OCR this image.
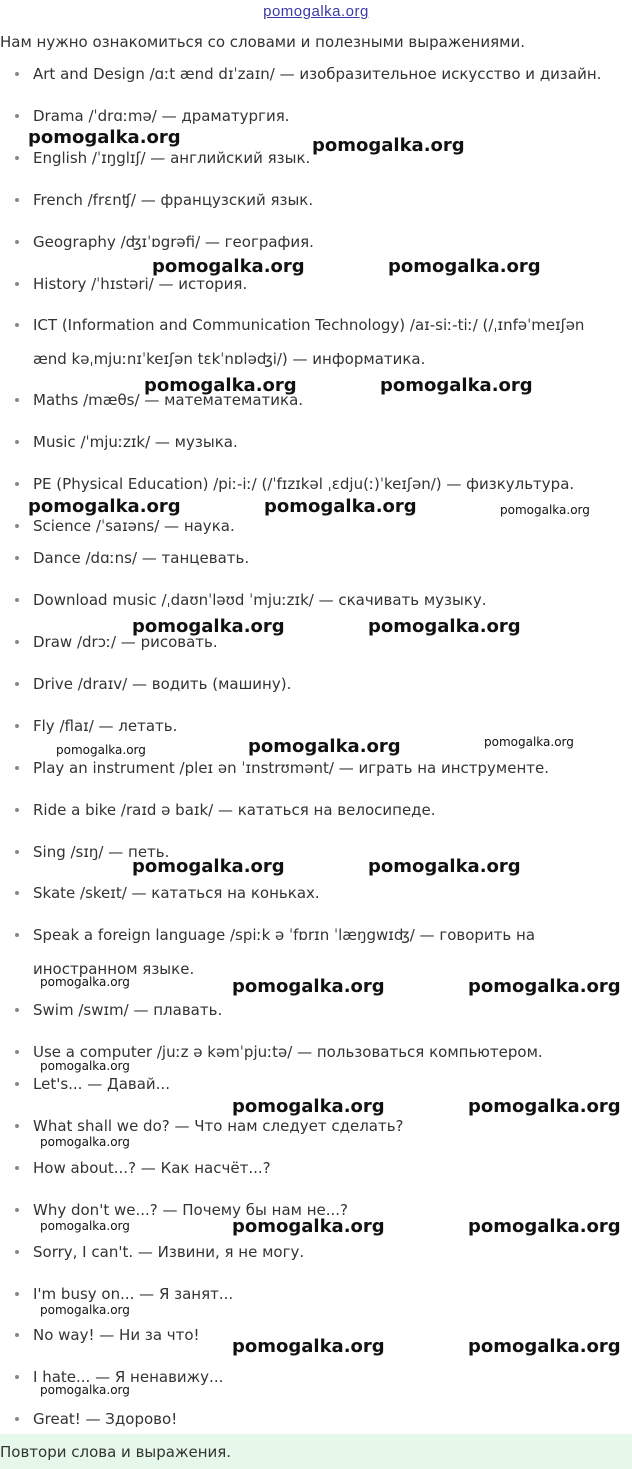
pomogalka.org
Нам нужно ознакомиться со словами и полезными выражениями.
Art and Design /ɑːt ænd dɪˈzaɪn/ — изобразительное искусство и дизайн.
Drama /ˈdrɑːmə/ — драматургия.
English /ˈɪŋglɪʃ/ — английский язык.
French /frɛnʧ/ — французский язык.
Geography /ʤɪˈɒgrəfi/ — география.
History /ˈhɪstəri/ — история.
ICT (Information and Communication Technology) /aɪ-siː-tiː/ (/ˌɪnfəˈmeɪʃən
ænd kəˌmjuːnɪˈkeɪʃən tɛkˈnɒləʤi/) — информатика.
Maths /mæθs/ — математематика.
Music /ˈmjuːzɪk/ — музыка.
PE (Physical Education) /piː-iː/ (/ˈfɪzɪkəl ˌɛdju(ː)ˈkeɪʃən/) — физкультура.
Science /ˈsaɪəns/ — наука.
Dance /dɑːns/ — танцевать.
Download music /ˌdaʊnˈləʊd ˈmjuːzɪk/ — скачивать музыку.
Draw /drɔː/ — рисовать.
Drive /draɪv/ — водить (машину).
Fly /flaɪ/ — летать.
Play an instrument /pleɪ ən ˈɪnstrʊmənt/ — играть на инструменте.
Ride a bike /raɪd ə baɪk/ — кататься на велосипеде.
Sing /sɪŋ/ — петь.
Skate /skeɪt/ — кататься на коньках.
Speak a foreign language /spiːk ə ˈfɒrɪn ˈlæŋgwɪʤ/ — говорить на
иностранном языке.
Swim /swɪm/ — плавать.
Use a computer /juːz ə kəmˈpjuːtə/ — пользоваться компьютером.
Let's... — Давай...
What shall we do? — Что нам следует сделать?
How about...? — Как насчёт...?
Why don't we...? — Почему бы нам не...?
Sorry, I can't. — Извини, я не могу.
I'm busy on... — Я занят...
No way! — Ни за что!
I hate... — Я ненавижу...
Great! — Здорово!
Повтори слова и выражения.
pomogalka.org	pomogalka.org
pomogalka.org	pomogalka.org
pomogalka.org	pomogalka.org
pomogalka.org	pomogalka.org	pomogalka.org
pomogalka.org	pomogalka.org
pomogalka.org	pomogalka.org	pomogalka.org
pomogalka.org	pomogalka.org
pomogalka.org	pomogalka.org	pomogalka.org
pomogalka.org
pomogalka.org	pomogalka.org
pomogalka.org
pomogalka.org	pomogalka.org	pomogalka.org
pomogalka.org
pomogalka.org	pomogalka.org
pomogalka.org
